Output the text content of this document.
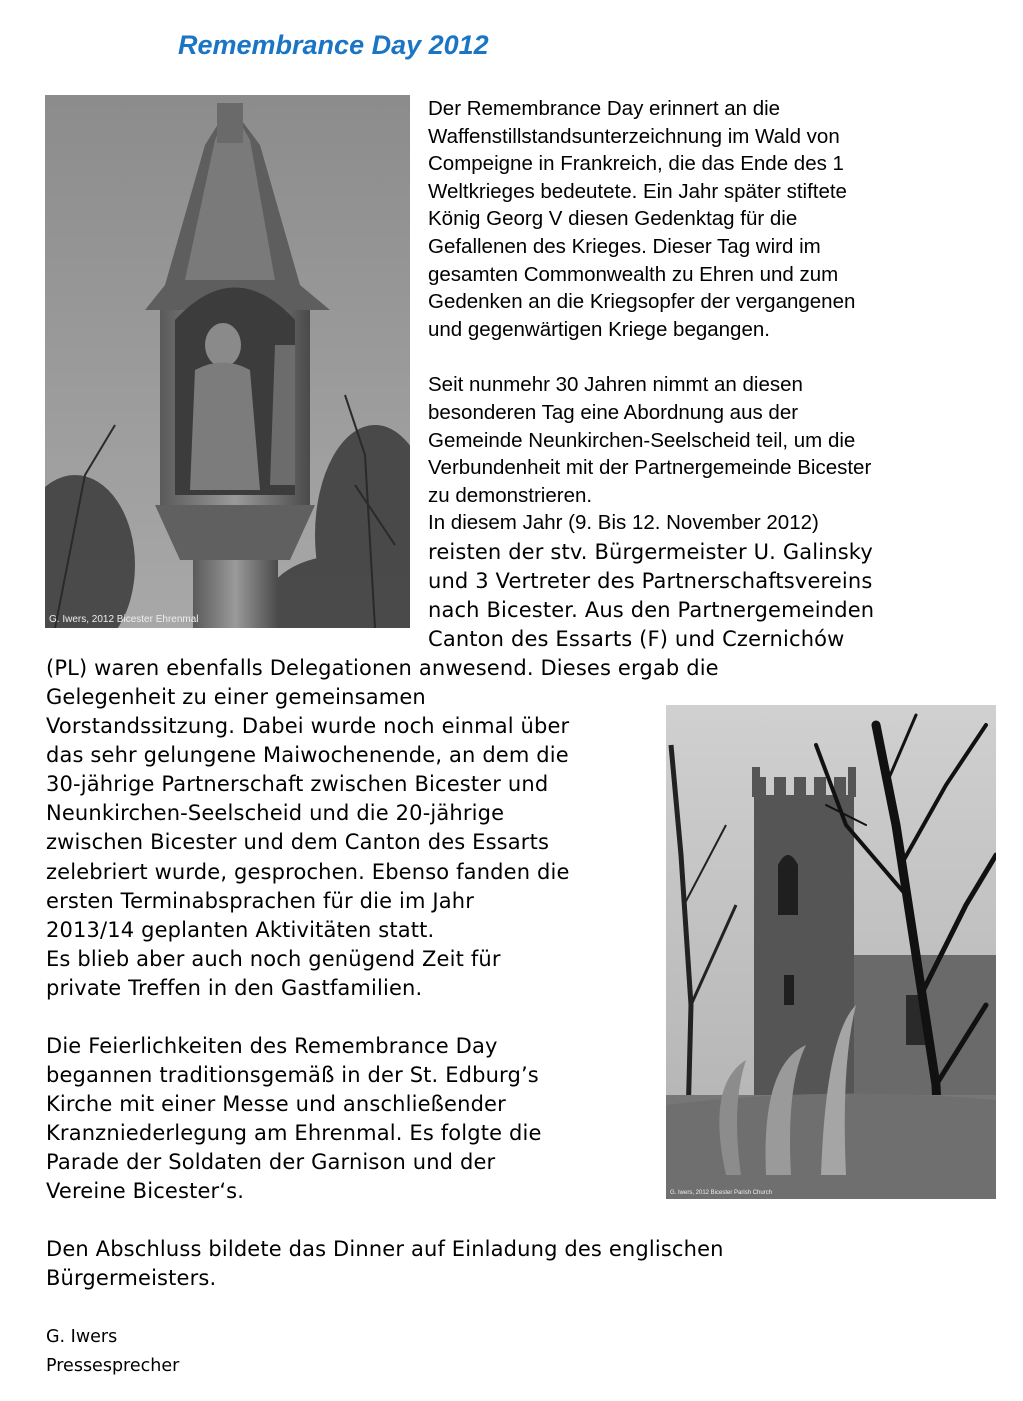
Remembrance Day 2012
G. Iwers, 2012 Bicester Ehrenmal
G. Iwers, 2012 Bicester Parish Church

Der Remembrance Day erinnert an die

Waffenstillstandsunterzeichnung im Wald von

Compeigne in Frankreich, die das Ende des 1

Weltkrieges bedeutete. Ein Jahr später stiftete

König Georg V diesen Gedenktag für die

Gefallenen des Krieges. Dieser Tag wird im

gesamten Commonwealth zu Ehren und zum

Gedenken an die Kriegsopfer der vergangenen

und gegenwärtigen Kriege begangen.

Seit nunmehr 30 Jahren nimmt an diesen

besonderen Tag eine Abordnung aus der

Gemeinde Neunkirchen-Seelscheid teil, um die

Verbundenheit mit der Partnergemeinde Bicester

zu demonstrieren.

In diesem Jahr (9. Bis 12. November 2012)

reisten der stv. Bürgermeister U. Galinsky

und 3 Vertreter des Partnerschaftsvereins

nach Bicester. Aus den Partnergemeinden

Canton des Essarts (F) und Czernichów

(PL) waren ebenfalls Delegationen anwesend. Dieses ergab die

Gelegenheit zu einer gemeinsamen

Vorstandssitzung. Dabei wurde noch einmal über

das sehr gelungene Maiwochenende, an dem die

30-jährige Partnerschaft zwischen Bicester und

Neunkirchen-Seelscheid und die 20-jährige

zwischen Bicester und dem Canton des Essarts

zelebriert wurde, gesprochen. Ebenso fanden die

ersten Terminabsprachen für die im Jahr

2013/14 geplanten Aktivitäten statt.

Es blieb aber auch noch genügend Zeit für

private Treffen in den Gastfamilien.

Die Feierlichkeiten des Remembrance Day

begannen traditionsgemäß in der St. Edburg’s

Kirche mit einer Messe und anschließender

Kranzniederlegung am Ehrenmal. Es folgte die

Parade der Soldaten der Garnison und der

Vereine Bicester‘s.

Den Abschluss bildete das Dinner auf Einladung des englischen

Bürgermeisters.

G. Iwers

Pressesprecher
